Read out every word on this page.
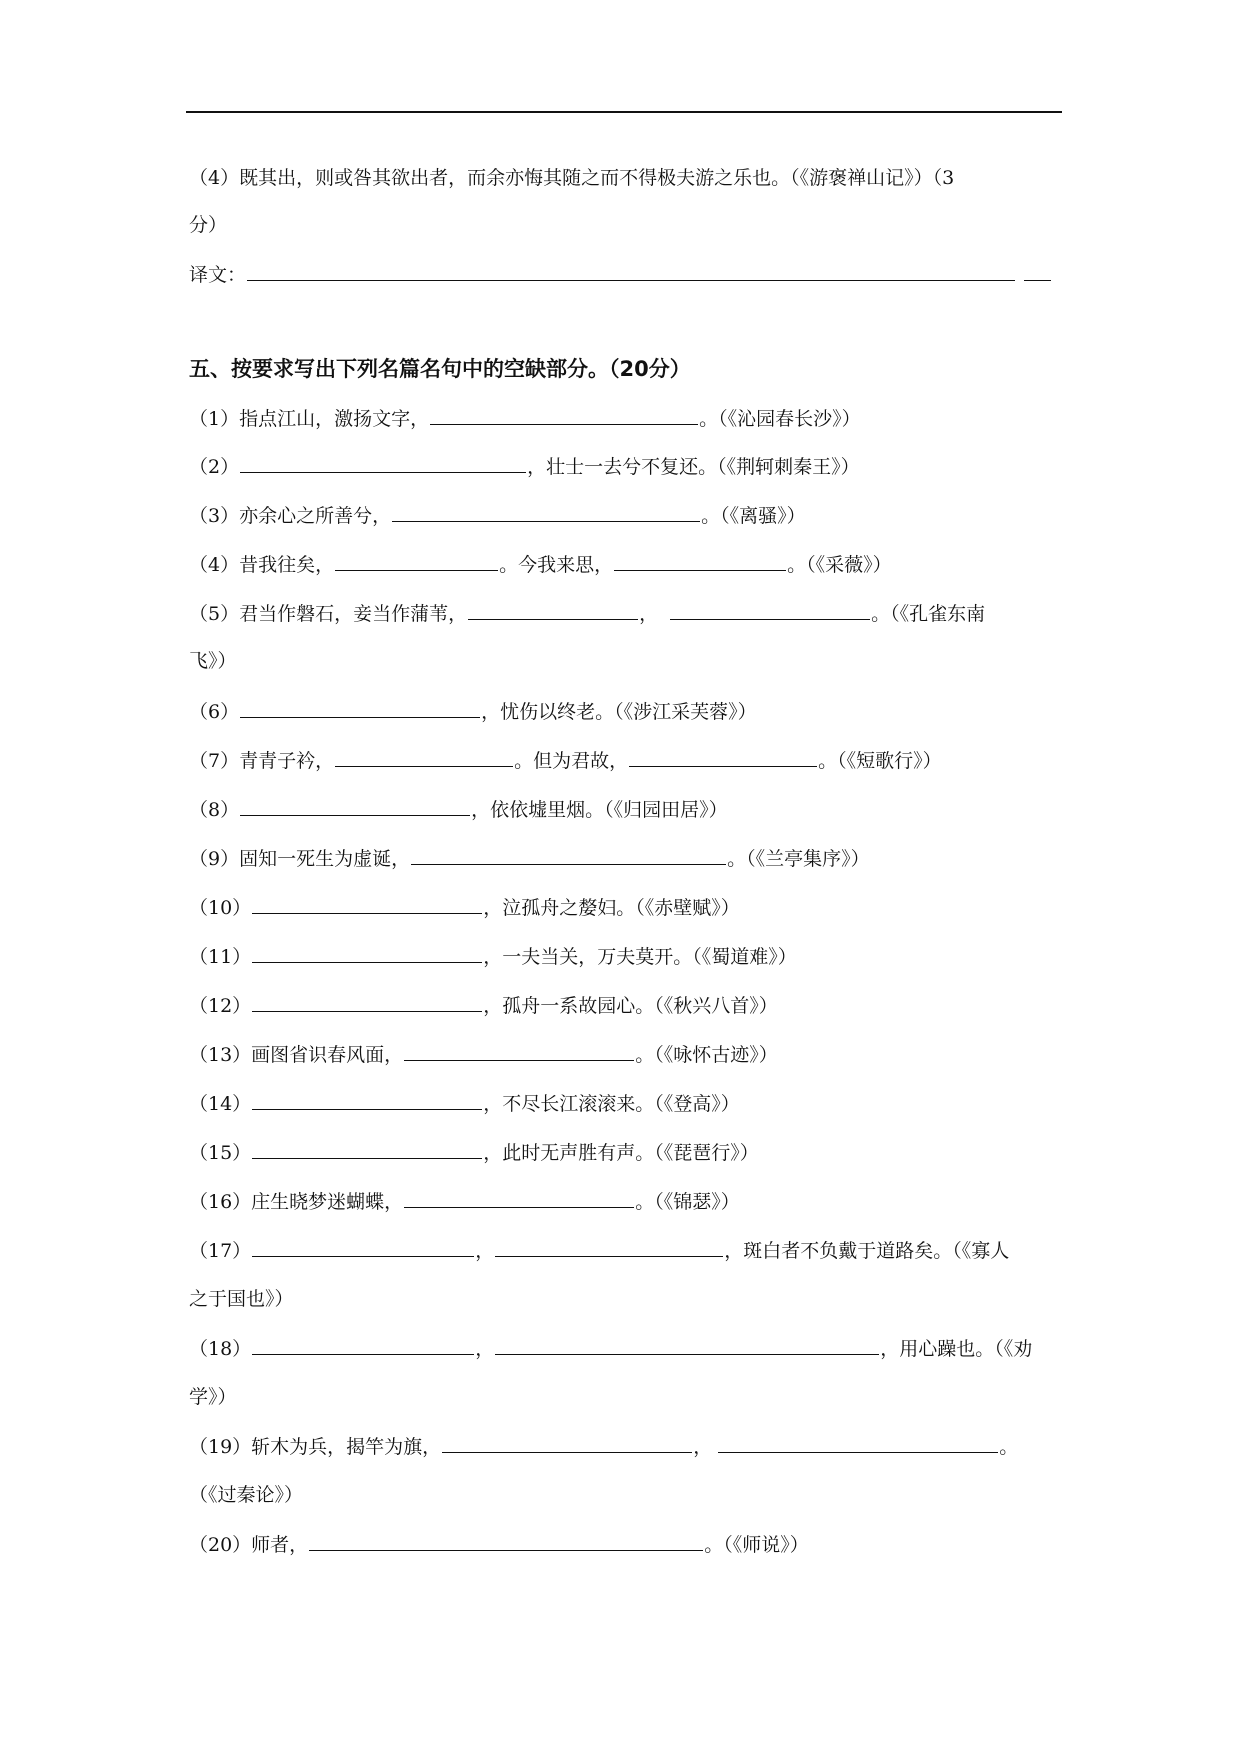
（4）既其出，则或咎其欲出者，而余亦悔其随之而不得极夫游之乐也。（《游褒禅山记》）（3
分）
译文：
五、按要求写出下列名篇名句中的空缺部分。（20分）
（1）指点江山，激扬文字，	。（《沁园春长沙》）
（2）	，壮士一去兮不复还。（《荆轲刺秦王》）
（3）亦余心之所善兮，	。（《离骚》）
（4）昔我往矣，	。今我来思，	。（《采薇》）
（5）君当作磐石，妾当作蒲苇，	，	。（《孔雀东南
飞》）
（6）	，忧伤以终老。（《涉江采芙蓉》）
（7）青青子衿，	。但为君故，	。（《短歌行》）
（8）	，依依墟里烟。（《归园田居》）
（9）固知一死生为虚诞，	。（《兰亭集序》）
（10）	，泣孤舟之嫠妇。（《赤壁赋》）
（11）	，一夫当关，万夫莫开。（《蜀道难》）
（12）	，孤舟一系故园心。（《秋兴八首》）
（13）画图省识春风面，	。（《咏怀古迹》）
（14）	，不尽长江滚滚来。（《登高》）
（15）	，此时无声胜有声。（《琵琶行》）
（16）庄生晓梦迷蝴蝶，	。（《锦瑟》）
（17）	，	，斑白者不负戴于道路矣。（《寡人
之于国也》）
（18）	，	，用心躁也。（《劝
学》）
（19）斩木为兵，揭竿为旗，	，	。
（《过秦论》）
（20）师者，	。（《师说》）
